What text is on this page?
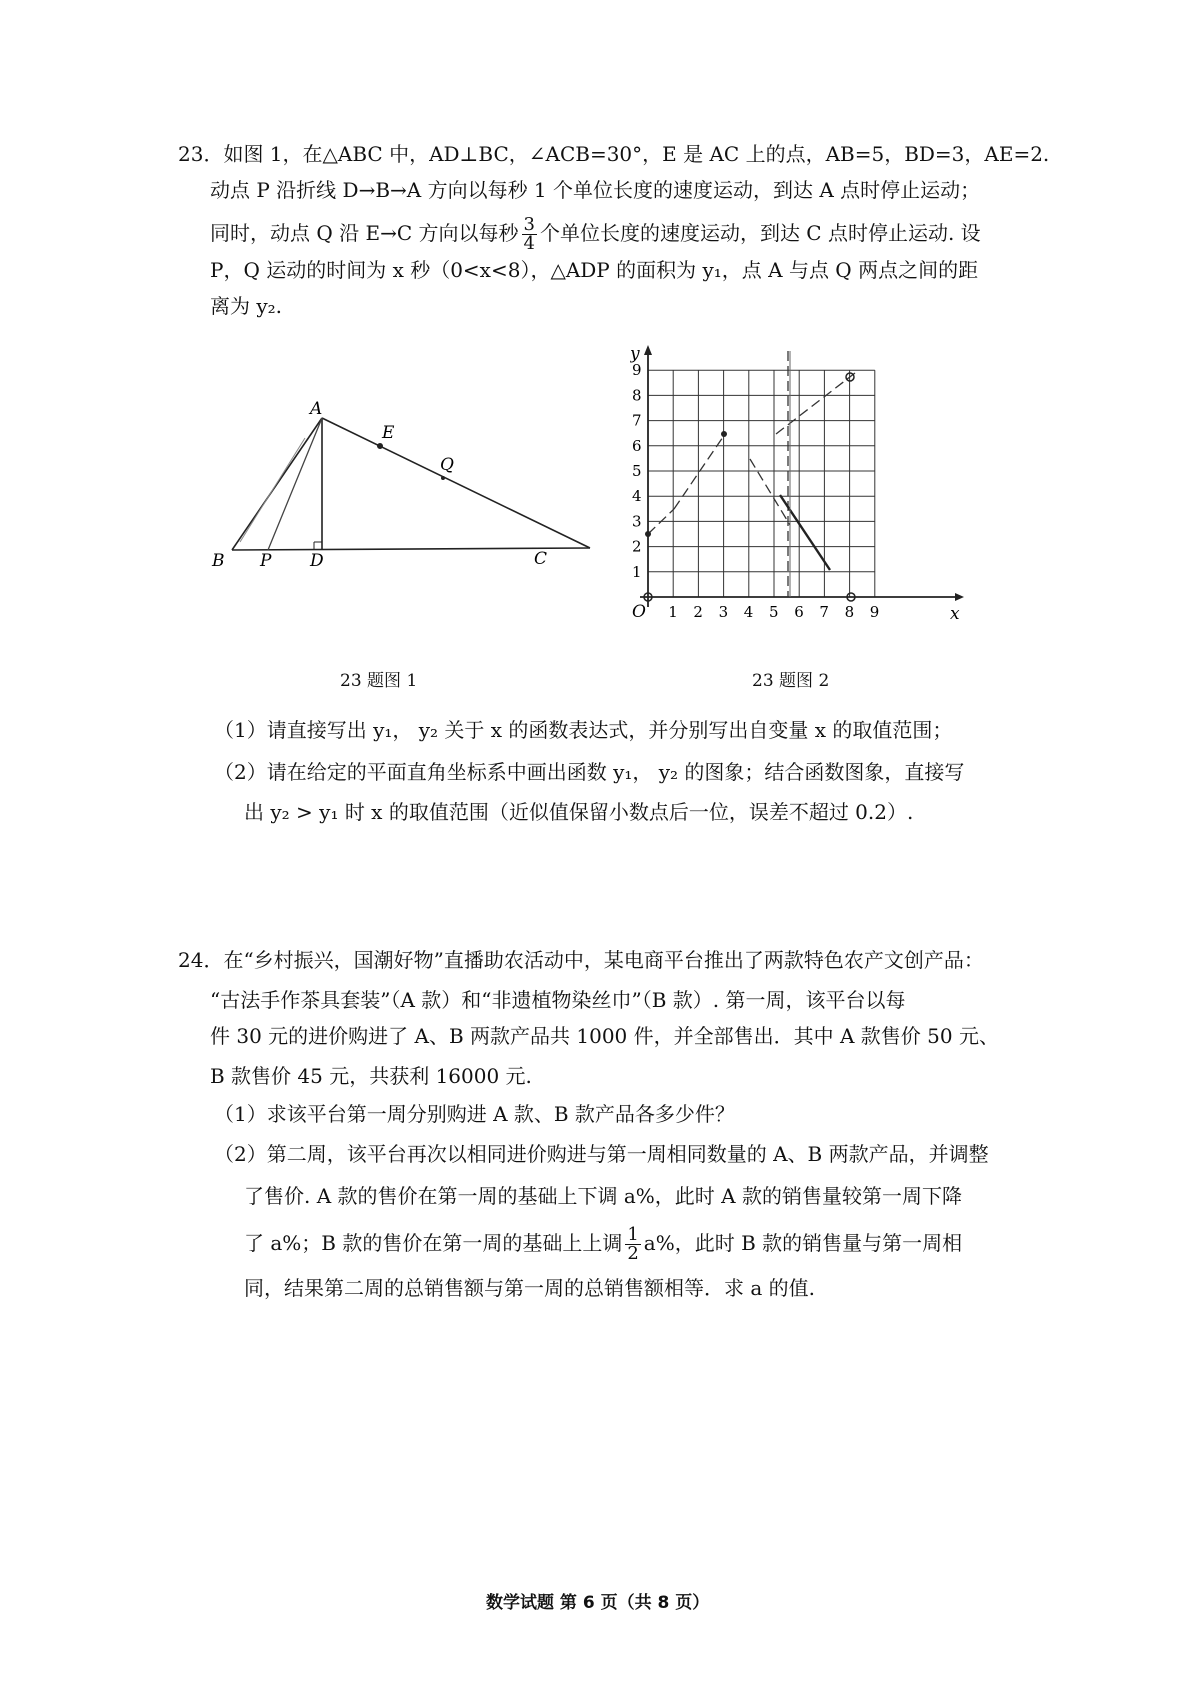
23．如图 1，在△ABC 中，AD⊥BC，∠ACB=30°，E 是 AC 上的点，AB=5，BD=3，AE=2.
动点 P 沿折线 D→B→A 方向以每秒 1 个单位长度的速度运动，到达 A 点时停止运动；
同时，动点 Q 沿 E→C 方向以每秒 $\frac{3}{4}$ 个单位长度的速度运动，到达 C 点时停止运动. 设
P，Q 运动的时间为 x 秒（0<x<8），△ADP 的面积为 y₁，点 A 与点 Q 两点之间的距
离为 y₂.
A
B P D	C
E
Q
23 题图 1
y
x
O 1 2 3 4 5 6 7 8 9
1
2
3
4
5
6
7
8
9
23 题图 2
（1）请直接写出 y₁， y₂ 关于 x 的函数表达式，并分别写出自变量 x 的取值范围；
（2）请在给定的平面直角坐标系中画出函数 y₁， y₂ 的图象；结合函数图象，直接写
出 y₂ > y₁ 时 x 的取值范围（近似值保留小数点后一位，误差不超过 0.2）.
24．在“乡村振兴，国潮好物”直播助农活动中，某电商平台推出了两款特色农产文创产品：
“古法手作茶具套装”（A 款）和“非遗植物染丝巾”（B 款）. 第一周，该平台以每
件 30 元的进价购进了 A、B 两款产品共 1000 件，并全部售出．其中 A 款售价 50 元、
B 款售价 45 元，共获利 16000 元.
（1）求该平台第一周分别购进 A 款、B 款产品各多少件？
（2）第二周，该平台再次以相同进价购进与第一周相同数量的 A、B 两款产品，并调整
了售价. A 款的售价在第一周的基础上下调 a%，此时 A 款的销售量较第一周下降
了 a%；B 款的售价在第一周的基础上上调 $\frac{1}{2} a\%$，此时 B 款的销售量与第一周相
同，结果第二周的总销售额与第一周的总销售额相等．求 a 的值.
数学试题 第 6 页（共 8 页）
